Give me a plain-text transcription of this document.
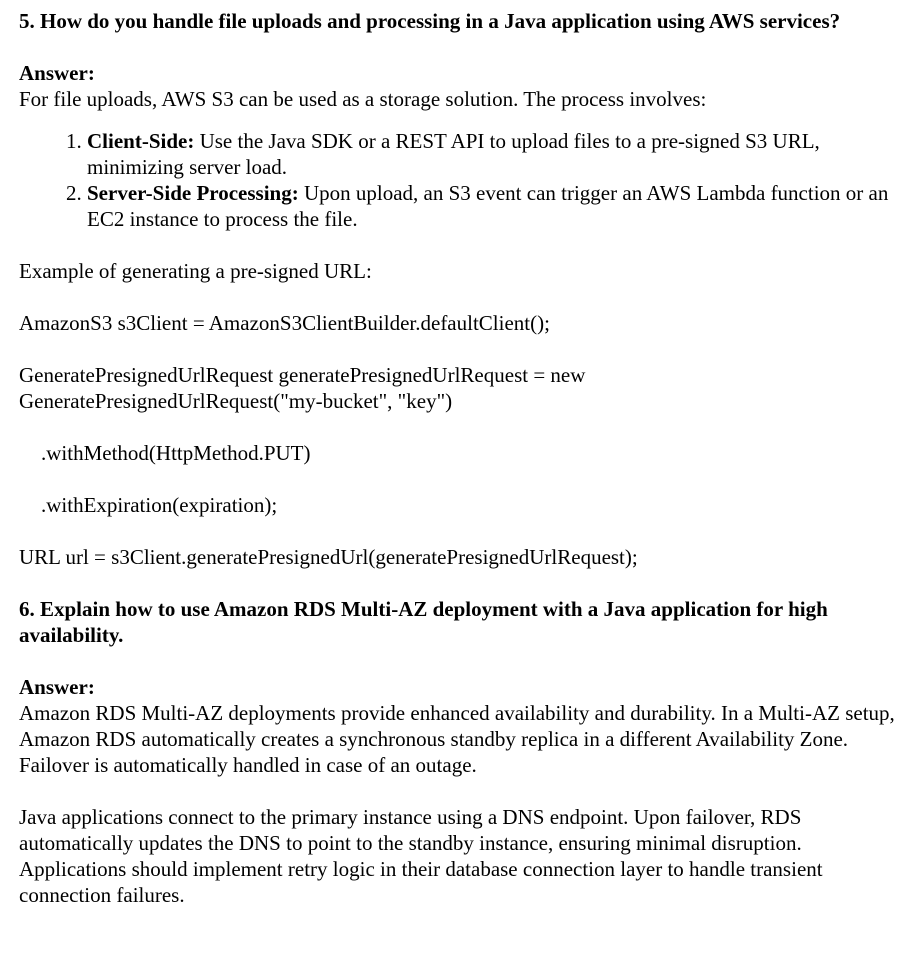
5. How do you handle file uploads and processing in a Java application using AWS services?

Answer:

For file uploads, AWS S3 can be used as a storage solution. The process involves:

1. Client-Side: Use the Java SDK or a REST API to upload files to a pre-signed S3 URL, minimizing server load.
2. Server-Side Processing: Upon upload, an S3 event can trigger an AWS Lambda function or an EC2 instance to process the file.

Example of generating a pre-signed URL:

AmazonS3 s3Client = AmazonS3ClientBuilder.defaultClient();

GeneratePresignedUrlRequest generatePresignedUrlRequest = new

GeneratePresignedUrlRequest("my-bucket", "key")

.withMethod(HttpMethod.PUT)

.withExpiration(expiration);

URL url = s3Client.generatePresignedUrl(generatePresignedUrlRequest);

6. Explain how to use Amazon RDS Multi-AZ deployment with a Java application for high availability.

Answer:

Amazon RDS Multi-AZ deployments provide enhanced availability and durability. In a Multi-AZ setup, Amazon RDS automatically creates a synchronous standby replica in a different Availability Zone. Failover is automatically handled in case of an outage.

Java applications connect to the primary instance using a DNS endpoint. Upon failover, RDS automatically updates the DNS to point to the standby instance, ensuring minimal disruption. Applications should implement retry logic in their database connection layer to handle transient connection failures.
